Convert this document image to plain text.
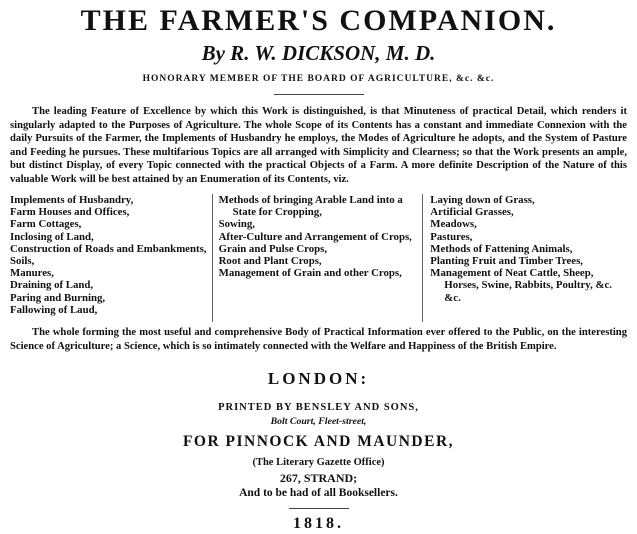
THE FARMER'S COMPANION.
By R. W. DICKSON, M. D.
HONORARY MEMBER OF THE BOARD OF AGRICULTURE, &c. &c.

The leading Feature of Excellence by which this Work is distinguished, is that Minuteness of practical Detail, which renders it singularly adapted to the Purposes of Agriculture. The whole Scope of its Contents has a constant and immediate Connexion with the daily Pursuits of the Farmer, the Implements of Husbandry he employs, the Modes of Agriculture he adopts, and the System of Pasture and Feeding he pursues. These multifarious Topics are all arranged with Simplicity and Clearness; so that the Work presents an ample, but distinct Display, of every Topic connected with the practical Objects of a Farm. A more definite Description of the Nature of this valuable Work will be best attained by an Enumeration of its Contents, viz.

Implements of Husbandry,
Farm Houses and Offices,
Farm Cottages,
Inclosing of Land,
Construction of Roads and Embankments,
Soils,
Manures,
Draining of Land,
Paring and Burning,
Fallowing of Laud,
Methods of bringing Arable Land into a State for Cropping,
Sowing,
After-Culture and Arrangement of Crops,
Grain and Pulse Crops,
Root and Plant Crops,
Management of Grain and other Crops,
Laying down of Grass,
Artificial Grasses,
Meadows,
Pastures,
Methods of Fattening Animals,
Planting Fruit and Timber Trees,
Management of Neat Cattle, Sheep, Horses, Swine, Rabbits, Poultry, &c. &c.

The whole forming the most useful and comprehensive Body of Practical Information ever offered to the Public, on the interesting Science of Agriculture; a Science, which is so intimately connected with the Welfare and Happiness of the British Empire.

LONDON:
PRINTED BY BENSLEY AND SONS,
Bolt Court, Fleet-street,
FOR PINNOCK AND MAUNDER,
(The Literary Gazette Office)
267, STRAND;
And to be had of all Booksellers.
1818.
